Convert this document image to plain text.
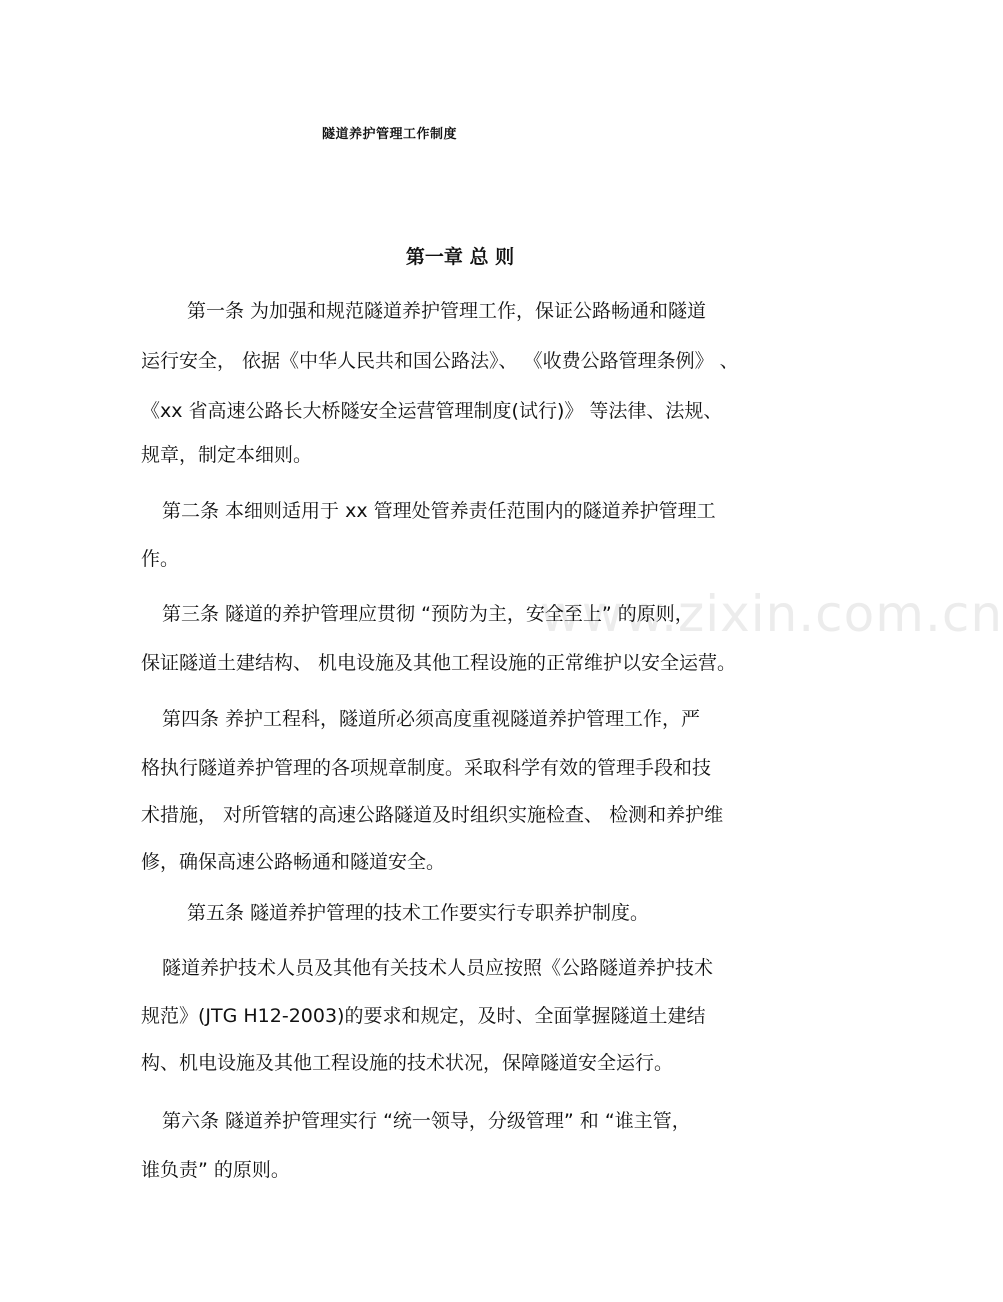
www.zixin.com.cn
隧道养护管理工作制度
第一章 总 则
第一条 为加强和规范隧道养护管理工作，保证公路畅通和隧道
运行安全， 依据《中华人民共和国公路法》、 《收费公路管理条例》 、
《xx 省高速公路长大桥隧安全运营管理制度(试行)》 等法律、法规、
规章，制定本细则。
第二条 本细则适用于 xx 管理处管养责任范围内的隧道养护管理工
作。
第三条 隧道的养护管理应贯彻 “预防为主，安全至上” 的原则，
保证隧道土建结构、 机电设施及其他工程设施的正常维护以安全运营。
第四条 养护工程科，隧道所必须高度重视隧道养护管理工作，严
格执行隧道养护管理的各项规章制度。采取科学有效的管理手段和技
术措施， 对所管辖的高速公路隧道及时组织实施检查、 检测和养护维
修，确保高速公路畅通和隧道安全。
第五条 隧道养护管理的技术工作要实行专职养护制度。
隧道养护技术人员及其他有关技术人员应按照《公路隧道养护技术
规范》(JTG H12-2003)的要求和规定，及时、全面掌握隧道土建结
构、机电设施及其他工程设施的技术状况，保障隧道安全运行。
第六条 隧道养护管理实行 “统一领导，分级管理” 和 “谁主管，
谁负责” 的原则。
